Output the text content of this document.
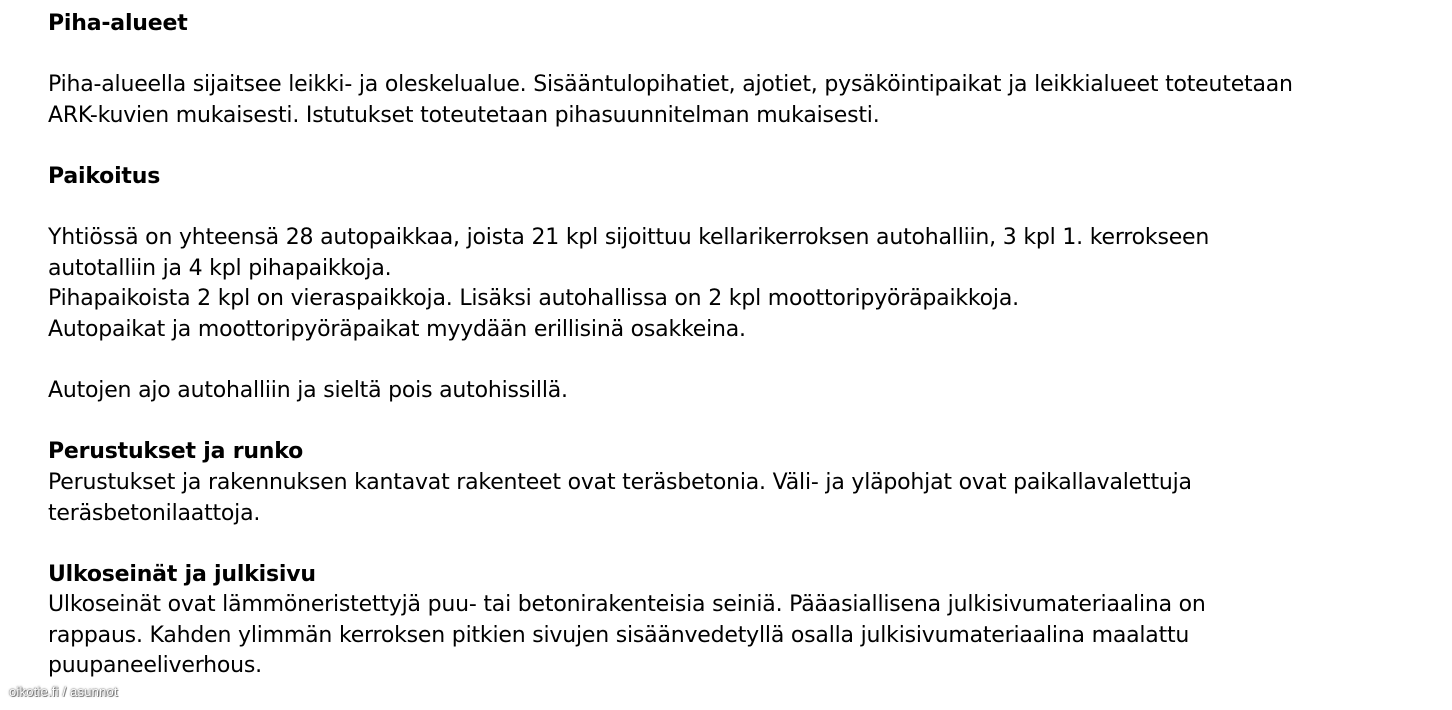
Piha-alueet

Piha-alueella sijaitsee leikki- ja oleskelualue. Sisääntulopihatiet, ajotiet, pysäköintipaikat ja leikkialueet toteutetaan

ARK-kuvien mukaisesti. Istutukset toteutetaan pihasuunnitelman mukaisesti.

Paikoitus

Yhtiössä on yhteensä 28 autopaikkaa, joista 21 kpl sijoittuu kellarikerroksen autohalliin, 3 kpl 1. kerrokseen

autotalliin ja 4 kpl pihapaikkoja.

Pihapaikoista 2 kpl on vieraspaikkoja. Lisäksi autohallissa on 2 kpl moottoripyöräpaikkoja.

Autopaikat ja moottoripyöräpaikat myydään erillisinä osakkeina.

Autojen ajo autohalliin ja sieltä pois autohissillä.

Perustukset ja runko

Perustukset ja rakennuksen kantavat rakenteet ovat teräsbetonia. Väli- ja yläpohjat ovat paikallavalettuja

teräsbetonilaattoja.

Ulkoseinät ja julkisivu

Ulkoseinät ovat lämmöneristettyjä puu- tai betonirakenteisia seiniä. Pääasiallisena julkisivumateriaalina on

rappaus. Kahden ylimmän kerroksen pitkien sivujen sisäänvedetyllä osalla julkisivumateriaalina maalattu

puupaneeliverhous.

oikotie.fi / asunnot
